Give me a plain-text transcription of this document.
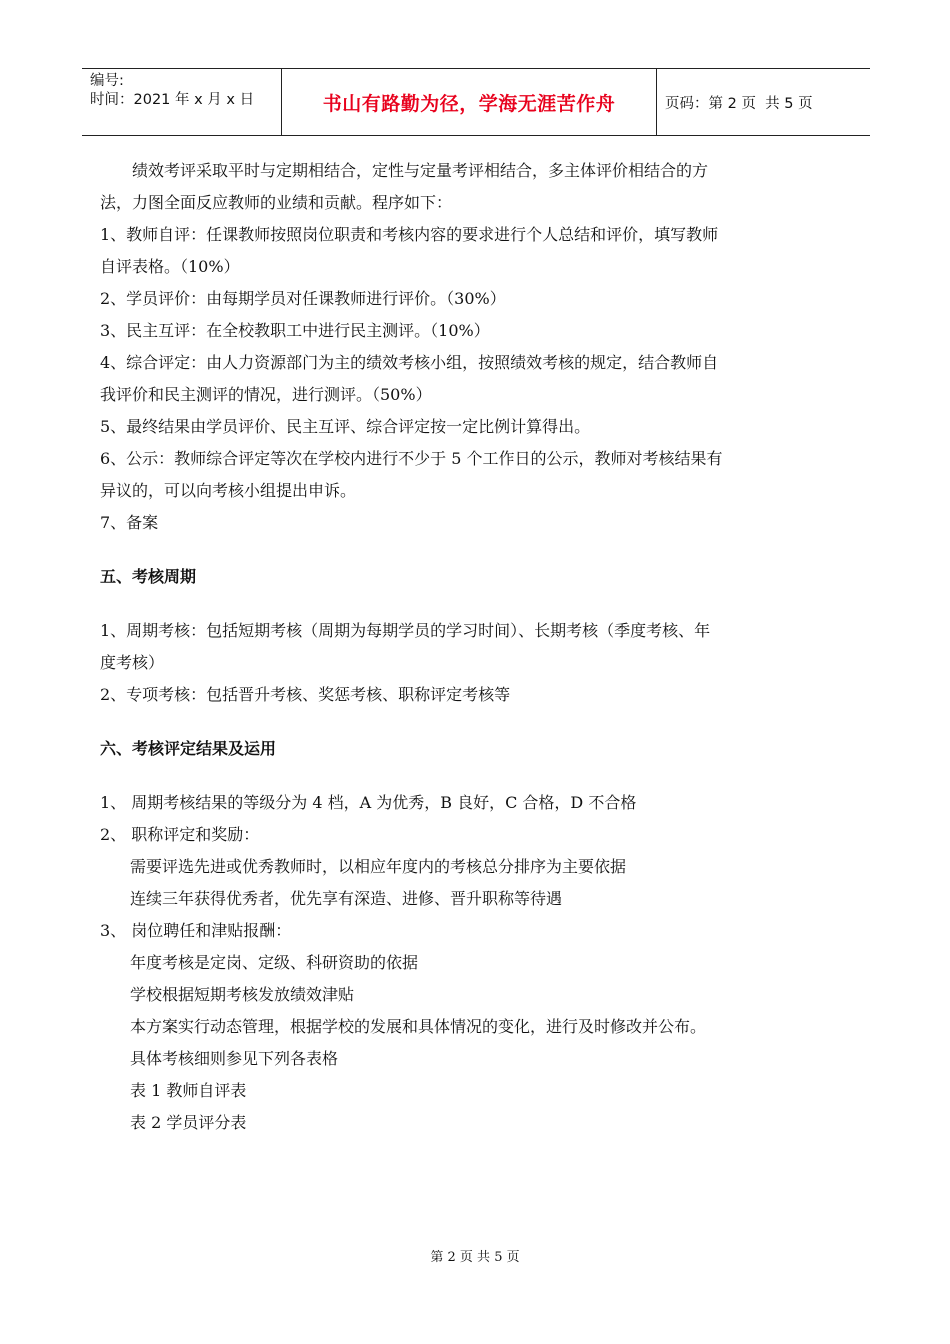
编号:
时间：2021 年 x 月 x 日	书山有路勤为径，学海无涯苦作舟	页码：第 2 页  共 5 页

绩效考评采取平时与定期相结合，定性与定量考评相结合，多主体评价相结合的方

法，力图全面反应教师的业绩和贡献。程序如下：

1、教师自评：任课教师按照岗位职责和考核内容的要求进行个人总结和评价，填写教师

自评表格。（10%）

2、学员评价：由每期学员对任课教师进行评价。（30%）

3、民主互评：在全校教职工中进行民主测评。（10%）

4、综合评定：由人力资源部门为主的绩效考核小组，按照绩效考核的规定，结合教师自

我评价和民主测评的情况，进行测评。（50%）

5、最终结果由学员评价、民主互评、综合评定按一定比例计算得出。

6、公示：教师综合评定等次在学校内进行不少于 5 个工作日的公示，教师对考核结果有

异议的，可以向考核小组提出申诉。

7、备案

五、考核周期

1、周期考核：包括短期考核（周期为每期学员的学习时间）、长期考核（季度考核、年

度考核）

2、专项考核：包括晋升考核、奖惩考核、职称评定考核等

六、考核评定结果及运用

1、 周期考核结果的等级分为 4 档，A 为优秀，B 良好，C 合格，D 不合格

2、 职称评定和奖励：

需要评选先进或优秀教师时，以相应年度内的考核总分排序为主要依据

连续三年获得优秀者，优先享有深造、进修、晋升职称等待遇

3、 岗位聘任和津贴报酬：

年度考核是定岗、定级、科研资助的依据

学校根据短期考核发放绩效津贴

本方案实行动态管理，根据学校的发展和具体情况的变化，进行及时修改并公布。

具体考核细则参见下列各表格

表 1 教师自评表

表 2 学员评分表

第 2 页 共 5 页
